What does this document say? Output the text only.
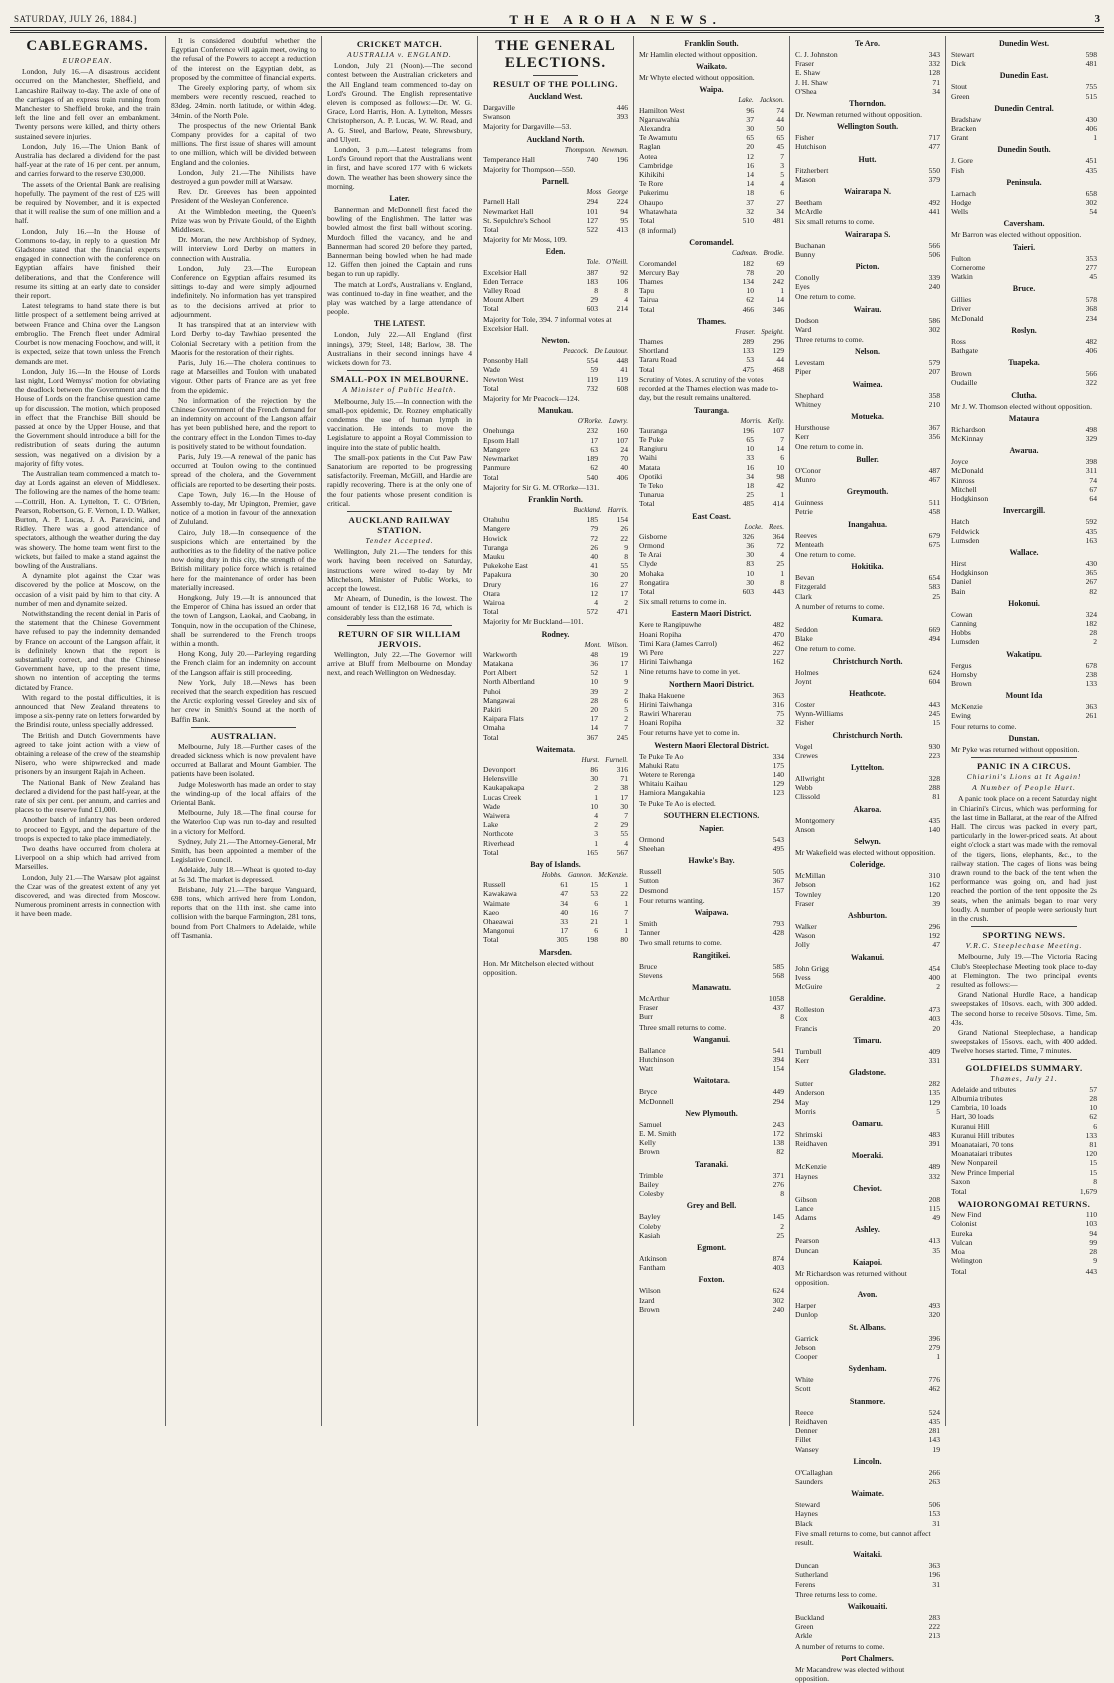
SATURDAY, JULY 26, 1884.]	THE AROHA NEWS.	3
CABLEGRAMS.
EUROPEAN.

London, July 16.—A disastrous accident occurred on the Manchester, Sheffield, and Lancashire Railway to-day. The axle of one of the carriages of an express train running from Manchester to Sheffield broke, and the train left the line and fell over an embankment. Twenty persons were killed, and thirty others sustained severe injuries.

London, July 16.—The Union Bank of Australia has declared a dividend for the past half-year at the rate of 16 per cent. per annum, and carries forward to the reserve £30,000.

The assets of the Oriental Bank are realising hopefully. The payment of the rest of £25 will be required by November, and it is expected that it will realise the sum of one million and a half.

London, July 16.—In the House of Commons to-day, in reply to a question Mr Gladstone stated that the financial experts engaged in connection with the conference on Egyptian affairs have finished their deliberations, and that the Conference will resume its sitting at an early date to consider their report.

Latest telegrams to hand state there is but little prospect of a settlement being arrived at between France and China over the Langson embroglio. The French fleet under Admiral Courbet is now menacing Foochow, and will, it is expected, seize that town unless the French demands are met.

London, July 16.—In the House of Lords last night, Lord Wemyss' motion for obviating the deadlock between the Government and the House of Lords on the franchise question came up for discussion. The motion, which proposed in effect that the Franchise Bill should be passed at once by the Upper House, and that the Government should introduce a bill for the redistribution of seats during the autumn session, was negatived on a division by a majority of fifty votes.

The Australian team commenced a match to-day at Lords against an eleven of Middlesex. The following are the names of the home team:—Cottrill, Hon. A. Lyttelton, T. C. O'Brien, Pearson, Robertson, G. F. Vernon, I. D. Walker, Burton, A. P. Lucas, J. A. Paravicini, and Ridley. There was a good attendance of spectators, although the weather during the day was showery. The home team went first to the wickets, but failed to make a stand against the bowling of the Australians.

A dynamite plot against the Czar was discovered by the police at Moscow, on the occasion of a visit paid by him to that city. A number of men and dynamite seized.

Notwithstanding the recent denial in Paris of the statement that the Chinese Government have refused to pay the indemnity demanded by France on account of the Langson affair, it is definitely known that the report is substantially correct, and that the Chinese Government have, up to the present time, shown no intention of accepting the terms dictated by France.

With regard to the postal difficulties, it is announced that New Zealand threatens to impose a six-penny rate on letters forwarded by the Brindisi route, unless specially addressed.

The British and Dutch Governments have agreed to take joint action with a view of obtaining a release of the crew of the steamship Nisero, who were shipwrecked and made prisoners by an insurgent Rajah in Acheen.

The National Bank of New Zealand has declared a dividend for the past half-year, at the rate of six per cent. per annum, and carries and places to the reserve fund £1,000.

Another batch of infantry has been ordered to proceed to Egypt, and the departure of the troops is expected to take place immediately.

Two deaths have occurred from cholera at Liverpool on a ship which had arrived from Marseilles.

London, July 21.—The Warsaw plot against the Czar was of the greatest extent of any yet discovered, and was directed from Moscow. Numerous prominent arrests in connection with it have been made.

It is considered doubtful whether the Egyptian Conference will again meet, owing to the refusal of the Powers to accept a reduction of the interest on the Egyptian debt, as proposed by the committee of financial experts.

The Greely exploring party, of whom six members were recently rescued, reached to 83deg. 24min. north latitude, or within 4deg. 34min. of the North Pole.

The prospectus of the new Oriental Bank Company provides for a capital of two millions. The first issue of shares will amount to one million, which will be divided between England and the colonies.

London, July 21.—The Nihilists have destroyed a gun powder mill at Warsaw.

Rev. Dr. Greeves has been appointed President of the Wesleyan Conference.

At the Wimbledon meeting, the Queen's Prize was won by Private Gould, of the Eighth Middlesex.

Dr. Moran, the new Archbishop of Sydney, will interview Lord Derby on matters in connection with Australia.

London, July 23.—The European Conference on Egyptian affairs resumed its sittings to-day and were simply adjourned indefinitely. No information has yet transpired as to the decisions arrived at prior to adjournment.

It has transpired that at an interview with Lord Derby to-day Tawhiao presented the Colonial Secretary with a petition from the Maoris for the restoration of their rights.

Paris, July 16.—The cholera continues to rage at Marseilles and Toulon with unabated vigour. Other parts of France are as yet free from the epidemic.

No information of the rejection by the Chinese Government of the French demand for an indemnity on account of the Langson affair has yet been published here, and the report to the contrary effect in the London Times to-day is positively stated to be without foundation.

Paris, July 19.—A renewal of the panic has occurred at Toulon owing to the continued spread of the cholera, and the Government officials are reported to be deserting their posts.

Cape Town, July 16.—In the House of Assembly to-day, Mr Upington, Premier, gave notice of a motion in favour of the annexation of Zululand.

Cairo, July 18.—In consequence of the suspicions which are entertained by the authorities as to the fidelity of the native police now doing duty in this city, the strength of the British military police force which is retained here for the maintenance of order has been materially increased.

Hongkong, July 19.—It is announced that the Emperor of China has issued an order that the town of Langson, Laokai, and Caobang, in Tonquin, now in the occupation of the Chinese, shall be surrendered to the French troops within a month.

Hong Kong, July 20.—Parleying regarding the French claim for an indemnity on account of the Langson affair is still proceeding.

New York, July 18.—News has been received that the search expedition has rescued the Arctic exploring vessel Greeley and six of her crew in Smith's Sound at the north of Baffin Bank.

AUSTRALIAN.

Melbourne, July 18.—Further cases of the dreaded sickness which is now prevalent have occurred at Ballarat and Mount Gambier. The patients have been isolated.

Judge Molesworth has made an order to stay the winding-up of the local affairs of the Oriental Bank.

Melbourne, July 18.—The final course for the Waterloo Cup was run to-day and resulted in a victory for Melford.

Sydney, July 21.—The Attorney-General, Mr Smith, has been appointed a member of the Legislative Council.

Adelaide, July 18.—Wheat is quoted to-day at 5s 3d. The market is depressed.

Brisbane, July 21.—The barque Vanguard, 698 tons, which arrived here from London, reports that on the 11th inst. she came into collision with the barque Farmington, 281 tons, bound from Port Chalmers to Adelaide, while off Tasmania.

CRICKET MATCH.
AUSTRALIA v. ENGLAND.

London, July 21 (Noon).—The second contest between the Australian cricketers and the All England team commenced to-day on Lord's Ground. The English representative eleven is composed as follows:—Dr. W. G. Grace, Lord Harris, Hon. A. Lyttelton, Messrs Christopherson, A. P. Lucas, W. W. Read, and A. G. Steel, and Barlow, Peate, Shrewsbury, and Ulyett.

London, 3 p.m.—Latest telegrams from Lord's Ground report that the Australians went in first, and have scored 177 with 6 wickets down. The weather has been showery since the morning.

Later.

Bannerman and McDonnell first faced the bowling of the Englishmen. The latter was bowled almost the first ball without scoring. Murdoch filled the vacancy, and he and Bannerman had scored 20 before they parted, Bannerman being bowled when he had made 12. Giffen then joined the Captain and runs began to run up rapidly.

The match at Lord's, Australians v. England, was continued to-day in fine weather, and the play was watched by a large attendance of people.

THE LATEST.

London, July 22.—All England (first innings), 379; Steel, 148; Barlow, 38. The Australians in their second innings have 4 wickets down for 73.

SMALL-POX IN MELBOURNE.
A Minister of Public Health.

Melbourne, July 15.—In connection with the small-pox epidemic, Dr. Rozney emphatically condemns the use of human lymph in vaccination. He intends to move the Legislature to appoint a Royal Commission to inquire into the state of public health.

The small-pox patients in the Cut Paw Paw Sanatorium are reported to be progressing satisfactorily. Freeman, McGill, and Hardie are rapidly recovering. There is at the only one of the four patients whose present condition is critical.

AUCKLAND RAILWAY STATION.
Tender Accepted.

Wellington, July 21.—The tenders for this work having been received on Saturday, instructions were wired to-day by Mr Mitchelson, Minister of Public Works, to accept the lowest.

Mr Ahearn, of Dunedin, is the lowest. The amount of tender is £12,168 16 7d, which is considerably less than the estimate.

RETURN OF SIR WILLIAM JERVOIS.

Wellington, July 22.—The Governor will arrive at Bluff from Melbourne on Monday next, and reach Wellington on Wednesday.

THE GENERAL ELECTIONS.
RESULT OF THE POLLING.
Auckland West.
Dargaville	446
Swanson	393

Majority for Dargaville—53.

Auckland North.
Thompson. Newman.
Temperance Hall	740	196

Majority for Thompson—550.

Parnell.
Moss George
Parnell Hall	294	224
Newmarket Hall	101	94
St. Sepulchre's School	127	95
Total	522	413

Majority for Mr Moss, 109.

Eden.
Tole. O'Neill.
Excelsior Hall	387	92
Eden Terrace	183	106
Valley Road	8	8
Mount Albert	29	4
Total	603	214

Majority for Tole, 394. 7 informal votes at Excelsior Hall.

Newton.
Peacock. De Lautour.
Ponsonby Hall	554	448
Wade	59	41
Newton West	119	119
Total	732	608

Majority for Mr Peacock—124.

Manukau.
O'Rorke. Lawry.
Onehunga	232	160
Epsom Hall	17	107
Mangere	63	24
Newmarket	189	70
Panmure	62	40
Total	540	406

Majority for Sir G. M. O'Rorke—131.

Franklin North.
Buckland. Harris.
Otahuhu	185	154
Mangere	79	26
Howick	72	22
Turanga	26	9
Mauku	40	8
Pukekohe East	41	55
Papakura	30	20
Drury	16	27
Otara	12	17
Wairoa	4	2
Total	572	471

Majority for Mr Buckland—101.

Rodney.
Mont. Wilson.
Warkworth	48	19
Matakana	36	17
Port Albert	52	1
North Albertland	10	9
Puhoi	39	2
Mangawai	28	6
Pakiri	20	5
Kaipara Flats	17	2
Omaha	14	7
Total	367	245
Waitemata.
Hurst. Furnell.
Devonport	86	316
Helensville	30	71
Kaukapakapa	2	38
Lucas Creek	1	17
Wade	10	30
Waiwera	4	7
Lake	2	29
Northcote	3	55
Riverhead	1	4
Total	165	567
Bay of Islands.
Hobbs. Gannon. McKenzie.
Russell	61	15	1
Kawakawa	47	53	22
Waimate	34	6	1
Kaeo	40	16	7
Ohaeawai	33	21	1
Mangonui	17	6	1
Total	305	198	80
Marsden.

Hon. Mr Mitchelson elected without opposition.

Franklin South.

Mr Hamlin elected without opposition.

Waikato.

Mr Whyte elected without opposition.

Waipa.
Lake. Jackson.
Hamilton West	96	74
Ngaruawahia	37	44
Alexandra	30	50
Te Awamutu	65	65
Raglan	20	45
Aotea	12	7
Cambridge	16	3
Kihikihi	14	5
Te Rore	14	4
Pukerimu	18	6
Ohaupo	37	27
Whatawhata	32	34
Total	510	481

(8 informal)

Coromandel.
Cadman. Brodie.
Coromandel	182	69
Mercury Bay	78	20
Thames	134	242
Tapu	10	1
Tairua	62	14
Total	466	346
Thames.
Fraser. Speight.
Thames	289	296
Shortland	133	129
Tararu Road	53	44
Total	475	468

Scrutiny of Votes. A scrutiny of the votes recorded at the Thames election was made to-day, but the result remains unaltered.

Tauranga.
Morris. Kelly.
Tauranga	196	107
Te Puke	65	7
Rangiuru	10	14
Waihi	33	6
Matata	16	10
Opotiki	34	98
Te Teko	18	42
Tunarua	25	1
Total	485	414
East Coast.
Locke. Rees.
Gisborne	326	364
Ormond	36	72
Te Arai	30	4
Clyde	83	25
Mohaka	10	1
Rongatira	30	8
Total	603	443

Six small returns to come in.

Eastern Maori District.
Kere te Rangipuwhe	482
Hoani Ropiha	470
Timi Kara (James Carrol)	462
Wi Pere	227
Hirini Taiwhanga	162

Nine returns have to come in yet.

Northern Maori District.
Ihaka Hakuene	363
Hirini Taiwhanga	316
Rawiri Wharerau	75
Hoani Ropiha	32

Four returns have yet to come in.

Western Maori Electoral District.
Te Puke Te Ao	334
Mahuki Ratu	175
Wetere te Rerenga	140
Whitaiu Kaihau	129
Hamiora Mangakahia	123

Te Puke Te Ao is elected.

SOUTHERN ELECTIONS.
Napier.
Ormond	543
Sheehan	495
Hawke's Bay.
Russell	505
Sutton	367
Desmond	157

Four returns wanting.

Waipawa.
Smith	793
Tanner	428

Two small returns to come.

Rangitikei.
Bruce	585
Stevens	568
Manawatu.
McArthur	1058
Fraser	437
Burr	8

Three small returns to come.

Wanganui.
Ballance	541
Hutchinson	394
Watt	154
Waitotara.
Bryce	449
McDonnell	294
New Plymouth.
Samuel	243
E. M. Smith	172
Kelly	138
Brown	82
Taranaki.
Trimble	371
Bailey	276
Colesby	8
Grey and Bell.
Bayley	145
Coleby	2
Kasiah	25
Egmont.
Atkinson	874
Fantham	403
Foxton.
Wilson	624
Izard	302
Brown	240
Te Aro.
C. J. Johnston	343
Fraser	332
E. Shaw	128
J. H. Shaw	71
O'Shea	34
Thorndon.

Dr. Newman returned without opposition.

Wellington South.
Fisher	717
Hutchison	477
Hutt.
Fitzherbert	550
Mason	379
Wairarapa N.
Beetham	492
McArdle	441

Six small returns to come.

Wairarapa S.
Buchanan	566
Bunny	506
Picton.
Conolly	339
Eyes	240

One return to come.

Wairau.
Dodson	586
Ward	302

Three returns to come.

Nelson.
Levestam	579
Piper	207
Waimea.
Shephard	358
Whitney	210
Motueka.
Hursthouse	367
Kerr	356

One return to come in.

Buller.
O'Conor	487
Munro	467
Greymouth.
Guinness	511
Petrie	458
Inangahua.
Reeves	679
Menteath	675

One return to come.

Hokitika.
Bevan	654
Fitzgerald	583
Clark	25

A number of returns to come.

Kumara.
Seddon	669
Blake	494

One return to come.

Christchurch North.
Holmes	624
Joynt	604
Heathcote.
Coster	443
Wynn-Williams	245
Fisher	15
Christchurch North.
Vogel	930
Crewes	223
Lyttelton.
Allwright	328
Webb	288
Clissold	81
Akaroa.
Montgomery	435
Anson	140
Selwyn.

Mr Wakefield was elected without opposition.

Coleridge.
McMillan	310
Jebson	162
Townley	120
Fraser	39
Ashburton.
Walker	296
Wason	192
Jolly	47
Wakanui.
John Grigg	454
Ivess	400
McGuire	2
Geraldine.
Rolleston	473
Cox	403
Francis	20
Timaru.
Turnbull	409
Kerr	331
Gladstone.
Sutter	282
Anderson	135
May	129
Morris	5
Oamaru.
Shrimski	483
Reidhaven	391
Moeraki.
McKenzie	489
Haynes	332
Cheviot.
Gibson	208
Lance	115
Adams	49
Ashley.
Pearson	413
Duncan	35
Kaiapoi.

Mr Richardson was returned without opposition.

Avon.
Harper	493
Dunlop	320
St. Albans.
Garrick	396
Jebson	279
Cooper	1
Sydenham.
White	776
Scott	462
Stanmore.
Reece	524
Reidhaven	435
Denner	281
Fillet	143
Wansey	19
Lincoln.
O'Callaghan	266
Saunders	263
Waimate.
Steward	506
Haynes	153
Black	31

Five small returns to come, but cannot affect result.

Waitaki.
Duncan	363
Sutherland	196
Ferens	31

Three returns less to come.

Waikouaiti.
Buckland	283
Green	222
Arkle	213

A number of returns to come.

Port Chalmers.

Mr Macandrew was elected without opposition.

Dunedin West.
Stewart	598
Dick	481
Dunedin East.
Stout	755
Green	515
Dunedin Central.
Bradshaw	430
Bracken	406
Grant	1
Dunedin South.
J. Gore	451
Fish	435
Peninsula.
Larnach	658
Hodge	302
Wells	54
Caversham.

Mr Barron was elected without opposition.

Taieri.
Fulton	353
Cornerome	277
Watkin	45
Bruce.
Gillies	578
Driver	368
McDonald	234
Roslyn.
Ross	482
Bathgate	406
Tuapeka.
Brown	566
Oudaille	322
Clutha.

Mr J. W. Thomson elected without opposition.

Mataura
Richardson	498
McKinnay	329
Awarua.
Joyce	398
McDonald	311
Kinross	74
Mitchell	67
Hodgkinson	64
Invercargill.
Hatch	592
Feldwick	435
Lumsden	163
Wallace.
Hirst	430
Hodgkinson	365
Daniel	267
Bain	82
Hokonui.
Cowan	324
Canning	182
Hobbs	28
Lumsden	2
Wakatipu.
Fergus	678
Hornsby	238
Brown	133
Mount Ida
McKenzie	363
Ewing	261

Four returns to come.

Dunstan.

Mr Pyke was returned without opposition.

PANIC IN A CIRCUS.
Chiarini's Lions at It Again!
A Number of People Hurt.

A panic took place on a recent Saturday night in Chiarini's Circus, which was performing for the last time in Ballarat, at the rear of the Alfred Hall. The circus was packed in every part, particularly in the lower-priced seats. At about eight o'clock a start was made with the removal of the tigers, lions, elephants, &c., to the railway station. The cages of lions was being drawn round to the back of the tent when the performance was going on, and had just reached the portion of the tent opposite the 2s seats, when the animals began to roar very loudly. A number of people were seriously hurt in the crush.

SPORTING NEWS.
V.R.C. Steeplechase Meeting.

Melbourne, July 19.—The Victoria Racing Club's Steeplechase Meeting took place to-day at Flemington. The two principal events resulted as follows:—

Grand National Hurdle Race, a handicap sweepstakes of 10sovs. each, with 300 added. The second horse to receive 50sovs. Time, 5m. 43s.

Grand National Steeplechase, a handicap sweepstakes of 15sovs. each, with 400 added. Twelve horses started. Time, 7 minutes.

GOLDFIELDS SUMMARY.
Thames, July 21.
Adelaide and tributes	57
Alburnia tributes	28
Cambria, 10 loads	10
Hart, 30 loads	62
Kuranui Hill	6
Kuranui Hill tributes	133
Moanataiari, 70 tons	81
Moanataiari tributes	120
New Nonpareil	15
New Prince Imperial	15
Saxon	8
Total	1,679
WAIORONGOMAI RETURNS.
New Find	110
Colonist	103
Eureka	94
Vulcan	99
Moa	28
Welington	9
Total	443
